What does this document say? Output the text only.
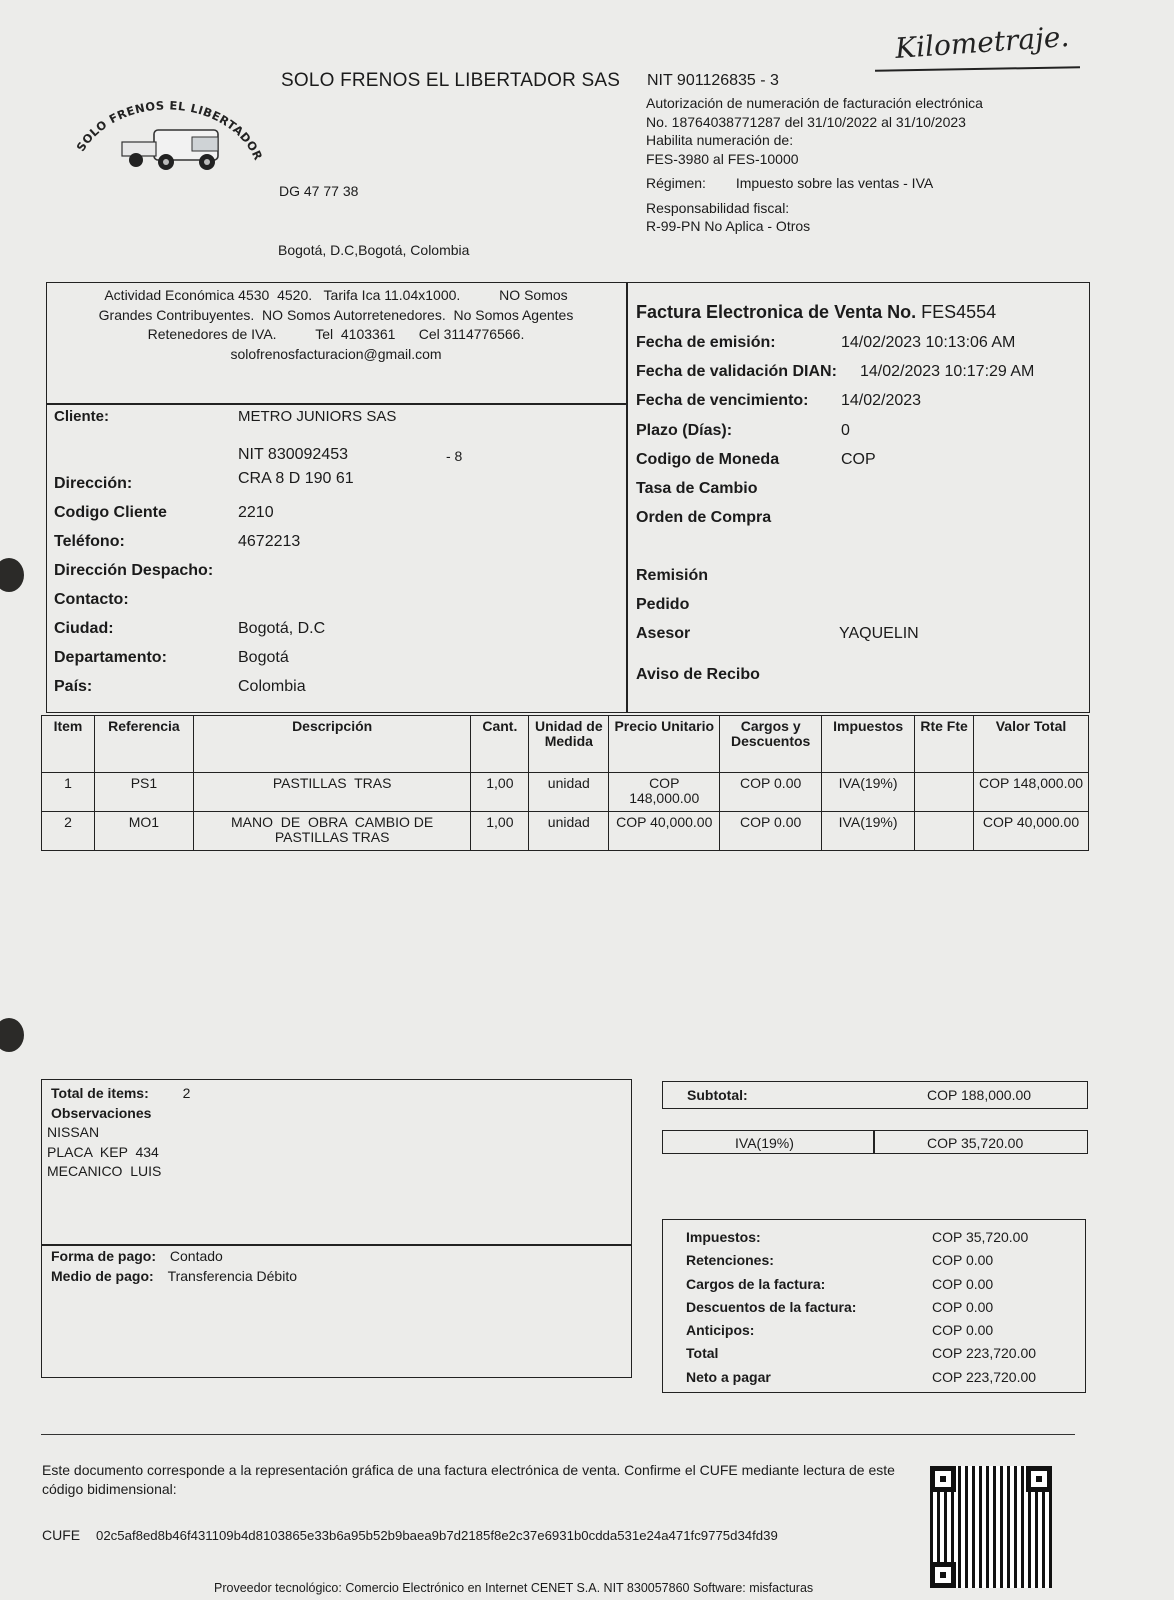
Kilometraje.
SOLO FRENOS EL LIBERTADOR
SOLO FRENOS EL LIBERTADOR SAS
DG 47 77 38
Bogotá, D.C,Bogotá, Colombia
NIT 901126835 - 3
Autorización de numeración de facturación electrónica
No. 18764038771287 del 31/10/2022 al 31/10/2023
Habilita numeración de:
FES-3980 al FES-10000
Régimen: Impuesto sobre las ventas - IVA
Responsabilidad fiscal:
R-99-PN No Aplica - Otros
Actividad Económica 4530  4520.   Tarifa Ica 11.04x1000.          NO Somos
Grandes Contribuyentes.  NO Somos Autorretenedores.  No Somos Agentes
Retenedores de IVA.          Tel  4103361      Cel 3114776566.
solofrenosfacturacion@gmail.com
Cliente:	METRO JUNIORS SAS
NIT 830092453	- 8
Dirección:	CRA 8 D 190 61
Codigo Cliente	2210
Teléfono:	4672213
Dirección Despacho:
Contacto:
Ciudad:	Bogotá, D.C
Departamento:	Bogotá
País:	Colombia
Factura Electronica de Venta No. FES4554
Fecha de emisión:	14/02/2023 10:13:06 AM
Fecha de validación DIAN: 14/02/2023 10:17:29 AM
Fecha de vencimiento: 14/02/2023
Plazo (Días):	0
Codigo de Moneda	COP
Tasa de Cambio
Orden de Compra
Remisión
Pedido
Asesor	YAQUELIN
Aviso de Recibo
Item	Referencia	Descripción	Cant.	Unidad de Medida	Precio Unitario	Cargos y Descuentos	Impuestos	Rte Fte	Valor Total
1	PS1	PASTILLAS  TRAS	1,00	unidad	COP 148,000.00	COP 0.00	IVA(19%)		COP 148,000.00
2	MO1	MANO  DE  OBRA  CAMBIO DE PASTILLAS TRAS	1,00	unidad	COP 40,000.00	COP 0.00	IVA(19%)		COP 40,000.00
Total de items: 2
Observaciones
NISSAN
PLACA  KEP  434
MECANICO  LUIS
Forma de pago: Contado
Medio de pago: Transferencia Débito
Subtotal:	COP 188,000.00
IVA(19%)	COP 35,720.00
Impuestos:	COP 35,720.00
Retenciones:	COP 0.00
Cargos de la factura:	COP 0.00
Descuentos de la factura:	COP 0.00
Anticipos:	COP 0.00
Total	COP 223,720.00
Neto a pagar	COP 223,720.00
Este documento corresponde a la representación gráfica de una factura electrónica de venta. Confirme el CUFE mediante lectura de este código bidimensional:
CUFE 02c5af8ed8b46f431109b4d8103865e33b6a95b52b9baea9b7d2185f8e2c37e6931b0cdda531e24a471fc9775d34fd39
Proveedor tecnológico: Comercio Electrónico en Internet CENET S.A. NIT 830057860 Software: misfacturas
